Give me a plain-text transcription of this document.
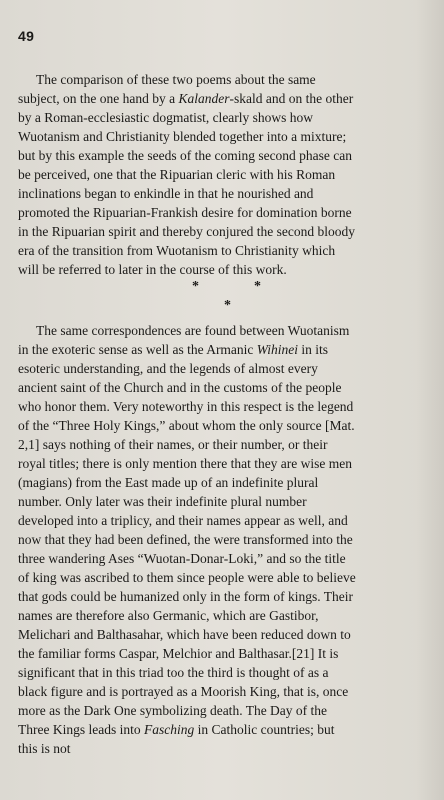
49
The comparison of these two poems about the same
subject, on the one hand by a Kalander-skald and on the other
by a Roman-ecclesiastic dogmatist, clearly shows how
Wuotanism and Christianity blended together into a mixture;
but by this example the seeds of the coming second phase can
be perceived, one that the Ripuarian cleric with his Roman
inclinations began to enkindle in that he nourished and
promoted the Ripuarian-Frankish desire for domination borne
in the Ripuarian spirit and thereby conjured the second bloody
era of the transition from Wuotanism to Christianity which
will be referred to later in the course of this work.
*	*
*
The same correspondences are found between Wuotanism
in the exoteric sense as well as the Armanic Wihinei in its
esoteric understanding, and the legends of almost every
ancient saint of the Church and in the customs of the people
who honor them. Very noteworthy in this respect is the legend
of the “Three Holy Kings,” about whom the only source [Mat.
2,1] says nothing of their names, or their number, or their
royal titles; there is only mention there that they are wise men
(magians) from the East made up of an indefinite plural
number. Only later was their indefinite plural number
developed into a triplicy, and their names appear as well, and
now that they had been defined, the were transformed into the
three wandering Ases “Wuotan-Donar-Loki,” and so the title
of king was ascribed to them since people were able to believe
that gods could be humanized only in the form of kings. Their
names are therefore also Germanic, which are Gastibor,
Melichari and Balthasahar, which have been reduced down to
the familiar forms Caspar, Melchior and Balthasar.[21] It is
significant that in this triad too the third is thought of as a
black figure and is portrayed as a Moorish King, that is, once
more as the Dark One symbolizing death. The Day of the
Three Kings leads into Fasching in Catholic countries; but
this is not
